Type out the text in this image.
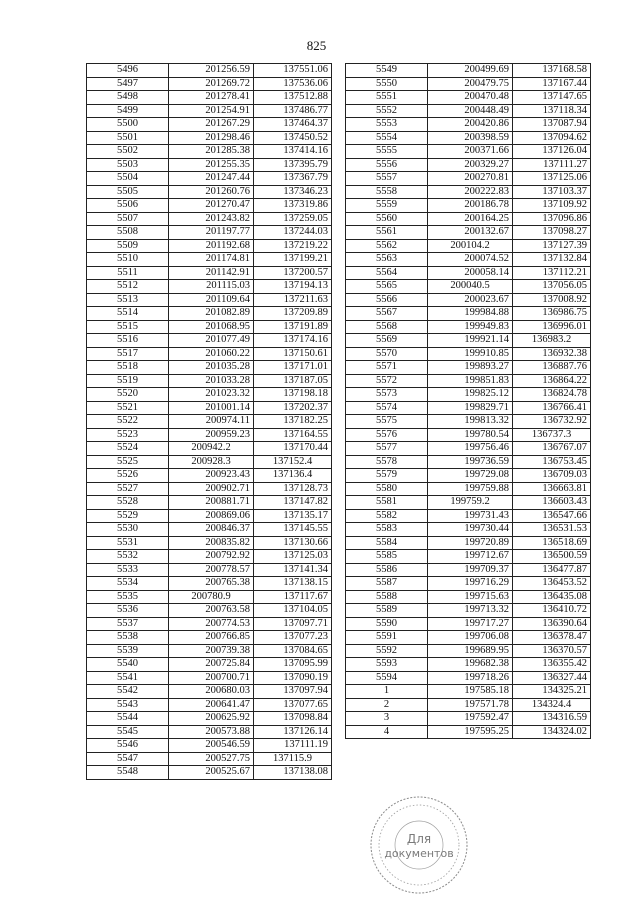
825
5496	201256.59	137551.06
5497	201269.72	137536.06
5498	201278.41	137512.88
5499	201254.91	137486.77
5500	201267.29	137464.37
5501	201298.46	137450.52
5502	201285.38	137414.16
5503	201255.35	137395.79
5504	201247.44	137367.79
5505	201260.76	137346.23
5506	201270.47	137319.86
5507	201243.82	137259.05
5508	201197.77	137244.03
5509	201192.68	137219.22
5510	201174.81	137199.21
5511	201142.91	137200.57
5512	201115.03	137194.13
5513	201109.64	137211.63
5514	201082.89	137209.89
5515	201068.95	137191.89
5516	201077.49	137174.16
5517	201060.22	137150.61
5518	201035.28	137171.01
5519	201033.28	137187.05
5520	201023.32	137198.18
5521	201001.14	137202.37
5522	200974.11	137182.25
5523	200959.23	137164.55
5524	200942.2	137170.44
5525	200928.3	137152.4
5526	200923.43	137136.4
5527	200902.71	137128.73
5528	200881.71	137147.82
5529	200869.06	137135.17
5530	200846.37	137145.55
5531	200835.82	137130.66
5532	200792.92	137125.03
5533	200778.57	137141.34
5534	200765.38	137138.15
5535	200780.9	137117.67
5536	200763.58	137104.05
5537	200774.53	137097.71
5538	200766.85	137077.23
5539	200739.38	137084.65
5540	200725.84	137095.99
5541	200700.71	137090.19
5542	200680.03	137097.94
5543	200641.47	137077.65
5544	200625.92	137098.84
5545	200573.88	137126.14
5546	200546.59	137111.19
5547	200527.75	137115.9
5548	200525.67	137138.08
5549	200499.69	137168.58
5550	200479.75	137167.44
5551	200470.48	137147.65
5552	200448.49	137118.34
5553	200420.86	137087.94
5554	200398.59	137094.62
5555	200371.66	137126.04
5556	200329.27	137111.27
5557	200270.81	137125.06
5558	200222.83	137103.37
5559	200186.78	137109.92
5560	200164.25	137096.86
5561	200132.67	137098.27
5562	200104.2	137127.39
5563	200074.52	137132.84
5564	200058.14	137112.21
5565	200040.5	137056.05
5566	200023.67	137008.92
5567	199984.88	136986.75
5568	199949.83	136996.01
5569	199921.14	136983.2
5570	199910.85	136932.38
5571	199893.27	136887.76
5572	199851.83	136864.22
5573	199825.12	136824.78
5574	199829.71	136766.41
5575	199813.32	136732.92
5576	199780.54	136737.3
5577	199756.46	136767.07
5578	199736.59	136753.45
5579	199729.08	136709.03
5580	199759.88	136663.81
5581	199759.2	136603.43
5582	199731.43	136547.66
5583	199730.44	136531.53
5584	199720.89	136518.69
5585	199712.67	136500.59
5586	199709.37	136477.87
5587	199716.29	136453.52
5588	199715.63	136435.08
5589	199713.32	136410.72
5590	199717.27	136390.64
5591	199706.08	136378.47
5592	199689.95	136370.57
5593	199682.38	136355.42
5594	199718.26	136327.44
1	197585.18	134325.21
2	197571.78	134324.4
3	197592.47	134316.59
4	197595.25	134324.02
Для
документов
